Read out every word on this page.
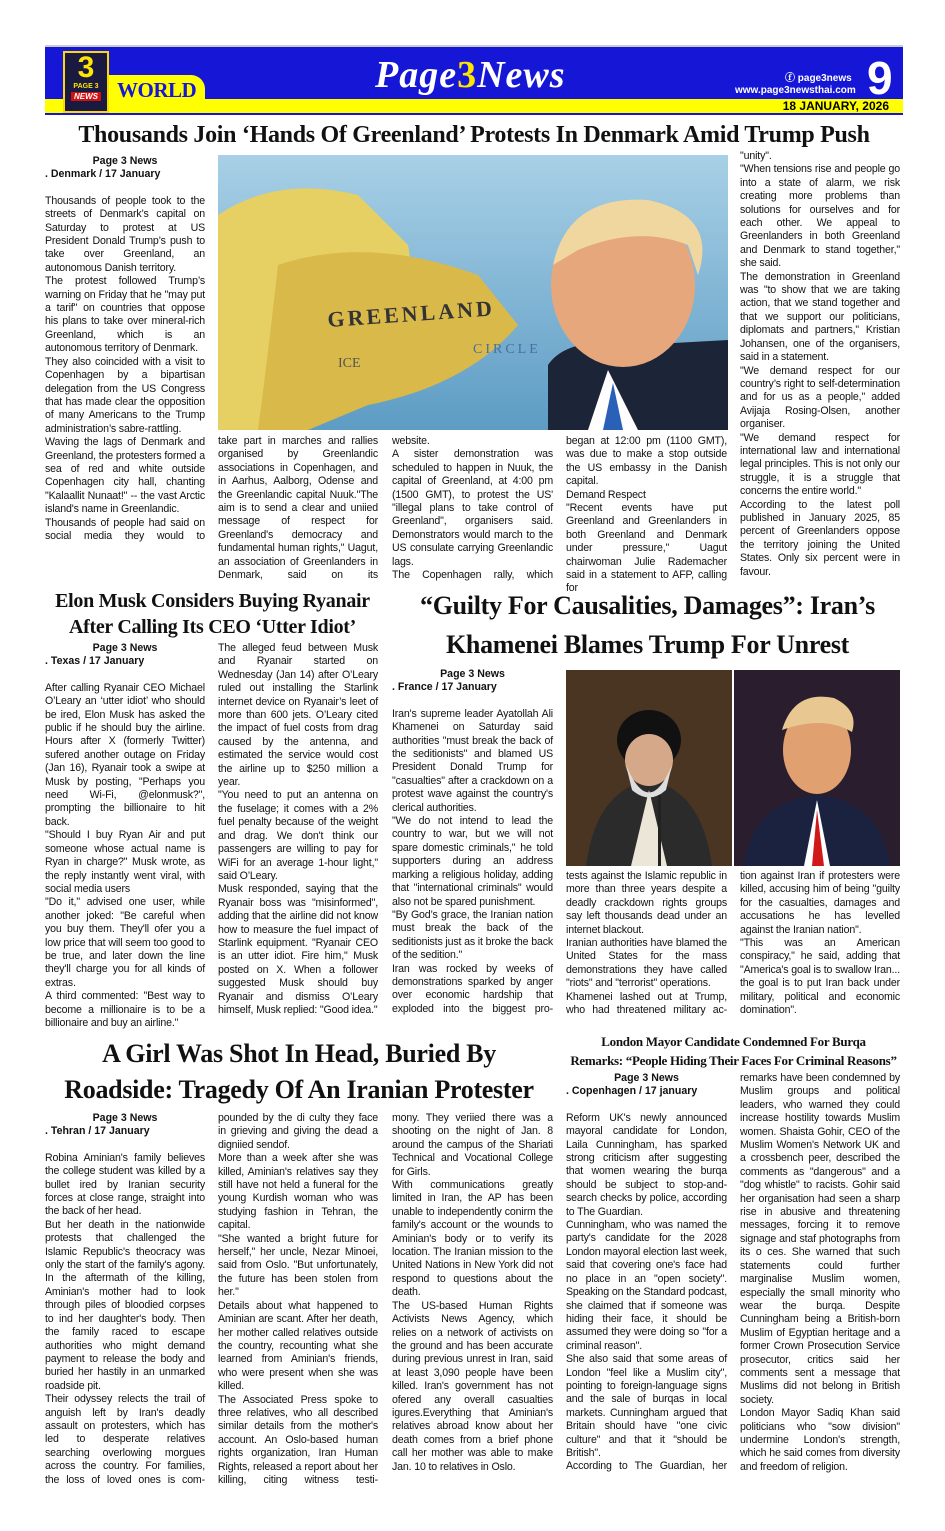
WORLD
3
PAGE 3
NEWS
Page3News	ⓕ page3news
www.page3newsthai.com 9
18 JANUARY, 2026
Thousands Join ‘Hands Of Greenland’ Protests In Denmark Amid Trump Push
Page 3 News
. Denmark / 17 January

Thousands of people took to the streets of Denmark’s capital on Saturday to protest at US President Donald Trump’s push to take over Greenland, an autonomous Danish territory.

The protest followed Trump’s warning on Friday that he "may put a tarif" on countries that oppose his plans to take over mineral-rich Greenland, which is an autonomous territory of Denmark.

They also coincided with a visit to Copenhagen by a bipartisan delegation from the US Congress that has made clear the opposition of many Americans to the Trump administration’s sabre-rattling.

Waving the lags of Denmark and Greenland, the protesters formed a sea of red and white outside Copenhagen city hall, chanting "Kalaallit Nunaat!" -- the vast Arctic island's name in Greenlandic.

Thousands of people had said on social media they would to

GREENLAND
ICE
CIRCLE

take part in marches and rallies organised by Greenlandic associations in Copenhagen, and in Aarhus, Aalborg, Odense and the Greenlandic capital Nuuk."The aim is to send a clear and uniied message of respect for Greenland's democracy and fundamental human rights," Uagut, an association of Greenlanders in Denmark, said on its

website.

A sister demonstration was scheduled to happen in Nuuk, the capital of Greenland, at 4:00 pm (1500 GMT), to protest the US' "illegal plans to take control of Greenland", organisers said. Demonstrators would march to the US consulate carrying Greenlandic lags.

The Copenhagen rally, which

began at 12:00 pm (1100 GMT), was due to make a stop outside the US embassy in the Danish capital.

Demand Respect

"Recent events have put Greenland and Greenlanders in both Greenland and Denmark under pressure," Uagut chairwoman Julie Rademacher said in a statement to AFP, calling for

"unity".

"When tensions rise and people go into a state of alarm, we risk creating more problems than solutions for ourselves and for each other. We appeal to Greenlanders in both Greenland and Denmark to stand together," she said.

The demonstration in Greenland was "to show that we are taking action, that we stand together and that we support our politicians, diplomats and partners," Kristian Johansen, one of the organisers, said in a statement.

"We demand respect for our country’s right to self-determination and for us as a people," added Avijaja Rosing-Olsen, another organiser.

"We demand respect for international law and international legal principles. This is not only our struggle, it is a struggle that concerns the entire world."

According to the latest poll published in January 2025, 85 percent of Greenlanders oppose the territory joining the United States. Only six percent were in favour.

Elon Musk Considers Buying Ryanair
After Calling Its CEO ‘Utter Idiot’
Page 3 News
. Texas / 17 January

After calling Ryanair CEO Michael O’Leary an ‘utter idiot’ who should be ired, Elon Musk has asked the public if he should buy the airline. Hours after X (formerly Twitter) sufered another outage on Friday (Jan 16), Ryanair took a swipe at Musk by posting, "Perhaps you need Wi-Fi, @elonmusk?", prompting the billionaire to hit back.

"Should I buy Ryan Air and put someone whose actual name is Ryan in charge?" Musk wrote, as the reply instantly went viral, with social media users

"Do it," advised one user, while another joked: "Be careful when you buy them. They'll ofer you a low price that will seem too good to be true, and later down the line they'll charge you for all kinds of extras.

A third commented: "Best way to become a millionaire is to be a billionaire and buy an airline."

The alleged feud between Musk and Ryanair started on Wednesday (Jan 14) after O’Leary ruled out installing the Starlink internet device on Ryanair’s leet of more than 600 jets. O’Leary cited the impact of fuel costs from drag caused by the antenna, and estimated the service would cost the airline up to $250 million a year.

"You need to put an antenna on the fuselage; it comes with a 2% fuel penalty because of the weight and drag. We don't think our passengers are willing to pay for WiFi for an average 1-hour light," said O’Leary.

Musk responded, saying that the Ryanair boss was "misinformed", adding that the airline did not know how to measure the fuel impact of Starlink equipment. "Ryanair CEO is an utter idiot. Fire him," Musk posted on X. When a follower suggested Musk should buy Ryanair and dismiss O’Leary himself, Musk replied: "Good idea."

“Guilty For Causalities, Damages”: Iran’s
Khamenei Blames Trump For Unrest
Page 3 News
. France / 17 January

Iran's supreme leader Ayatollah Ali Khamenei on Saturday said authorities "must break the back of the seditionists" and blamed US President Donald Trump for "casualties" after a crackdown on a protest wave against the country's clerical authorities.

"We do not intend to lead the country to war, but we will not spare domestic criminals," he told supporters during an address marking a religious holiday, adding that "international criminals" would also not be spared punishment.

"By God’s grace, the Iranian nation must break the back of the seditionists just as it broke the back of the sedition."

Iran was rocked by weeks of demonstrations sparked by anger over economic hardship that exploded into the biggest pro-

tests against the Islamic republic in more than three years despite a deadly crackdown rights groups say left thousands dead under an internet blackout.

Iranian authorities have blamed the United States for the mass demonstrations they have called "riots" and "terrorist" operations.

Khamenei lashed out at Trump, who had threatened military ac-

tion against Iran if protesters were killed, accusing him of being "guilty for the casualties, damages and accusations he has levelled against the Iranian nation".

"This was an American conspiracy," he said, adding that "America's goal is to swallow Iran... the goal is to put Iran back under military, political and economic domination".

A Girl Was Shot In Head, Buried By
Roadside: Tragedy Of An Iranian Protester
Page 3 News
. Tehran / 17 January

Robina Aminian's family believes the college student was killed by a bullet ired by Iranian security forces at close range, straight into the back of her head.

But her death in the nationwide protests that challenged the Islamic Republic's theocracy was only the start of the family's agony. In the aftermath of the killing, Aminian's mother had to look through piles of bloodied corpses to ind her daughter's body. Then the family raced to escape authorities who might demand payment to release the body and buried her hastily in an unmarked roadside pit.

Their odyssey relects the trail of anguish left by Iran's deadly assault on protesters, which has led to desperate relatives searching overlowing morgues across the country. For families, the loss of loved ones is com-

pounded by the di culty they face in grieving and giving the dead a digniied sendof.

More than a week after she was killed, Aminian's relatives say they still have not held a funeral for the young Kurdish woman who was studying fashion in Tehran, the capital.

"She wanted a bright future for herself," her uncle, Nezar Minoei, said from Oslo. "But unfortunately, the future has been stolen from her."

Details about what happened to Aminian are scant. After her death, her mother called relatives outside the country, recounting what she learned from Aminian's friends, who were present when she was killed.

The Associated Press spoke to three relatives, who all described similar details from the mother's account. An Oslo-based human rights organization, Iran Human Rights, released a report about her killing, citing witness testi-

mony. They veriied there was a shooting on the night of Jan. 8 around the campus of the Shariati Technical and Vocational College for Girls.

With communications greatly limited in Iran, the AP has been unable to independently conirm the family's account or the wounds to Aminian's body or to verify its location. The Iranian mission to the United Nations in New York did not respond to questions about the death.

The US-based Human Rights Activists News Agency, which relies on a network of activists on the ground and has been accurate during previous unrest in Iran, said at least 3,090 people have been killed. Iran's government has not ofered any overall casualties igures.Everything that Aminian's relatives abroad know about her death comes from a brief phone call her mother was able to make Jan. 10 to relatives in Oslo.

London Mayor Candidate Condemned For Burqa
Remarks: “People Hiding Their Faces For Criminal Reasons”
Page 3 News
. Copenhagen / 17 january

Reform UK's newly announced mayoral candidate for London, Laila Cunningham, has sparked strong criticism after suggesting that women wearing the burqa should be subject to stop-and-search checks by police, according to The Guardian.

Cunningham, who was named the party's candidate for the 2028 London mayoral election last week, said that covering one's face had no place in an "open society". Speaking on the Standard podcast, she claimed that if someone was hiding their face, it should be assumed they were doing so "for a criminal reason".

She also said that some areas of London "feel like a Muslim city", pointing to foreign-language signs and the sale of burqas in local markets. Cunningham argued that Britain should have "one civic culture" and that it "should be British".

According to The Guardian, her

remarks have been condemned by Muslim groups and political leaders, who warned they could increase hostility towards Muslim women. Shaista Gohir, CEO of the Muslim Women's Network UK and a crossbench peer, described the comments as "dangerous" and a "dog whistle" to racists. Gohir said her organisation had seen a sharp rise in abusive and threatening messages, forcing it to remove signage and staf photographs from its o ces. She warned that such statements could further marginalise Muslim women, especially the small minority who wear the burqa. Despite Cunningham being a British-born Muslim of Egyptian heritage and a former Crown Prosecution Service prosecutor, critics said her comments sent a message that Muslims did not belong in British society.

London Mayor Sadiq Khan said politicians who "sow division" undermine London's strength, which he said comes from diversity and freedom of religion.
